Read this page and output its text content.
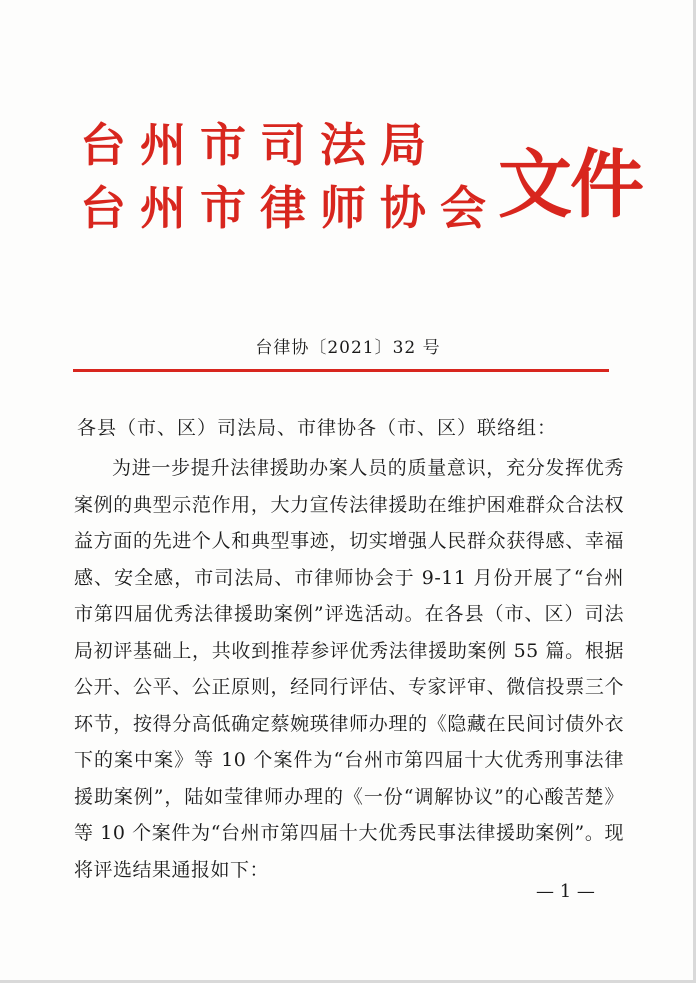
台州市司法局
台州市律师协会
文件
台律协〔2021〕32 号
各县（市、区）司法局、市律协各（市、区）联络组：
为进一步提升法律援助办案人员的质量意识，充分发挥优秀案例的典型示范作用，大力宣传法律援助在维护困难群众合法权益方面的先进个人和典型事迹，切实增强人民群众获得感、幸福感、安全感，市司法局、市律师协会于 9-11 月份开展了“台州市第四届优秀法律援助案例”评选活动。在各县（市、区）司法局初评基础上，共收到推荐参评优秀法律援助案例 55 篇。根据公开、公平、公正原则，经同行评估、专家评审、微信投票三个环节，按得分高低确定蔡婉瑛律师办理的《隐藏在民间讨债外衣下的案中案》等 10 个案件为“台州市第四届十大优秀刑事法律援助案例”，陆如莹律师办理的《一份“调解协议”的心酸苦楚》等 10 个案件为“台州市第四届十大优秀民事法律援助案例”。现将评选结果通报如下：
— 1 —
